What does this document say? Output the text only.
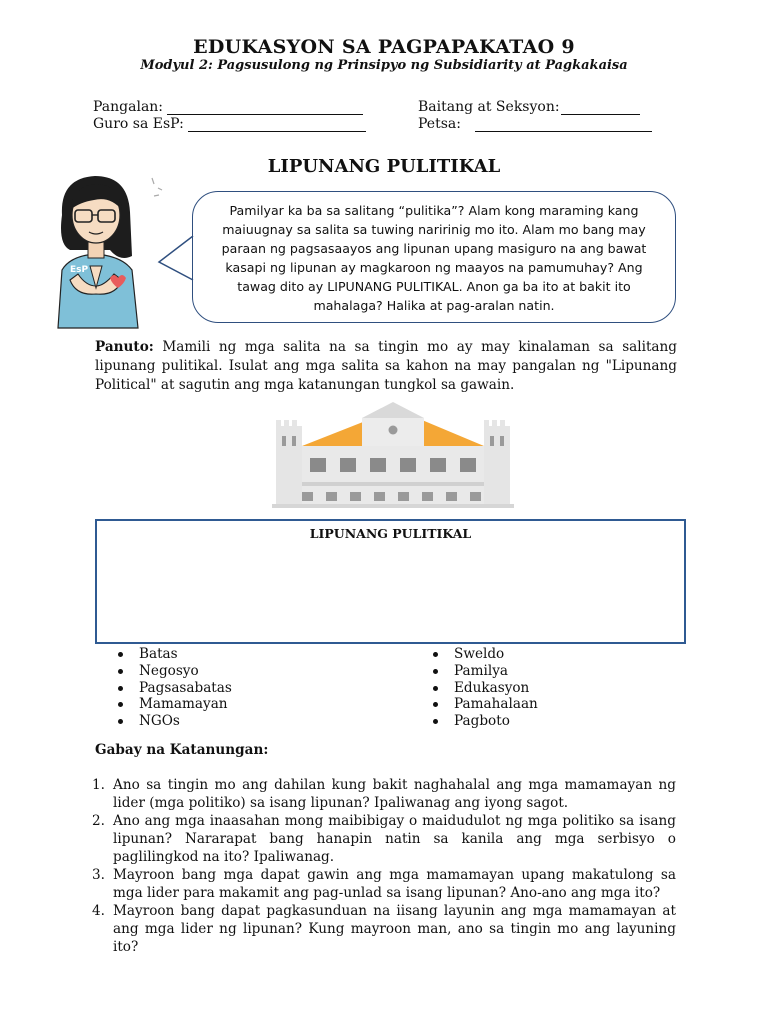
EDUKASYON SA PAGPAPAKATAO 9
Modyul 2: Pagsusulong ng Prinsipyo ng Subsidiarity at Pagkakaisa
Pangalan:
Guro sa EsP:
Baitang at Seksyon:
Petsa:
LIPUNANG PULITIKAL
EsP
Pamilyar ka ba sa salitang “pulitika”? Alam kong maraming kang maiuugnay sa salita sa tuwing naririnig mo ito. Alam mo bang may paraan ng pagsasaayos ang lipunan upang masiguro na ang bawat kasapi ng lipunan ay magkaroon ng maayos na pamumuhay? Ang tawag dito ay LIPUNANG PULITIKAL. Anon ga ba ito at bakit ito mahalaga? Halika at pag-aralan natin.
Panuto: Mamili ng mga salita na sa tingin mo ay may kinalaman sa salitang lipunang pulitikal. Isulat ang mga salita sa kahon na may pangalan ng "Lipunang Political" at sagutin ang mga katanungan tungkol sa gawain.
LIPUNANG PULITIKAL
Batas
Negosyo
Pagsasabatas
Mamamayan
NGOs
Sweldo
Pamilya
Edukasyon
Pamahalaan
Pagboto
Gabay na Katanungan:
1. Ano sa tingin mo ang dahilan kung bakit naghahalal ang mga mamamayan ng lider (mga politiko) sa isang lipunan? Ipaliwanag ang iyong sagot.
2. Ano ang mga inaasahan mong maibibigay o maidudulot ng mga politiko sa isang lipunan? Nararapat bang hanapin natin sa kanila ang mga serbisyo o paglilingkod na ito? Ipaliwanag.
3. Mayroon bang mga dapat gawin ang mga mamamayan upang makatulong sa mga lider para makamit ang pag-unlad sa isang lipunan? Ano-ano ang mga ito?
4. Mayroon bang dapat pagkasunduan na iisang layunin ang mga mamamayan at ang mga lider ng lipunan? Kung mayroon man, ano sa tingin mo ang layuning ito?
